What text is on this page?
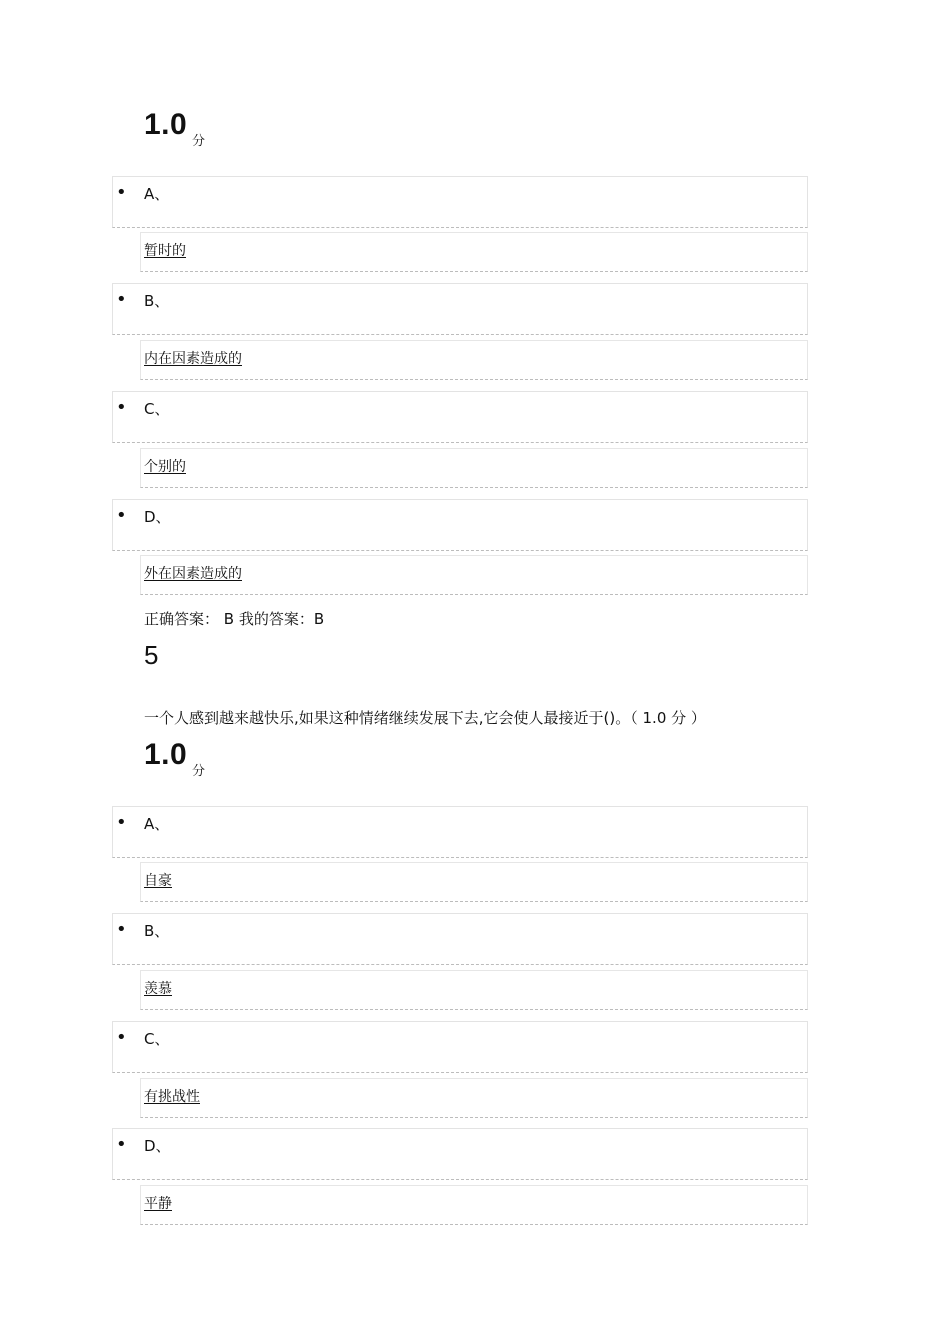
1.0
分
• A、
暂时的
• B、
内在因素造成的
• C、
个别的
• D、
外在因素造成的
正确答案： B 我的答案：B
5
一个人感到越来越快乐,如果这种情绪继续发展下去,它会使人最接近于()。（ 1.0 分 ）
1.0
分
• A、
自豪
• B、
羡慕
• C、
有挑战性
• D、
平静
